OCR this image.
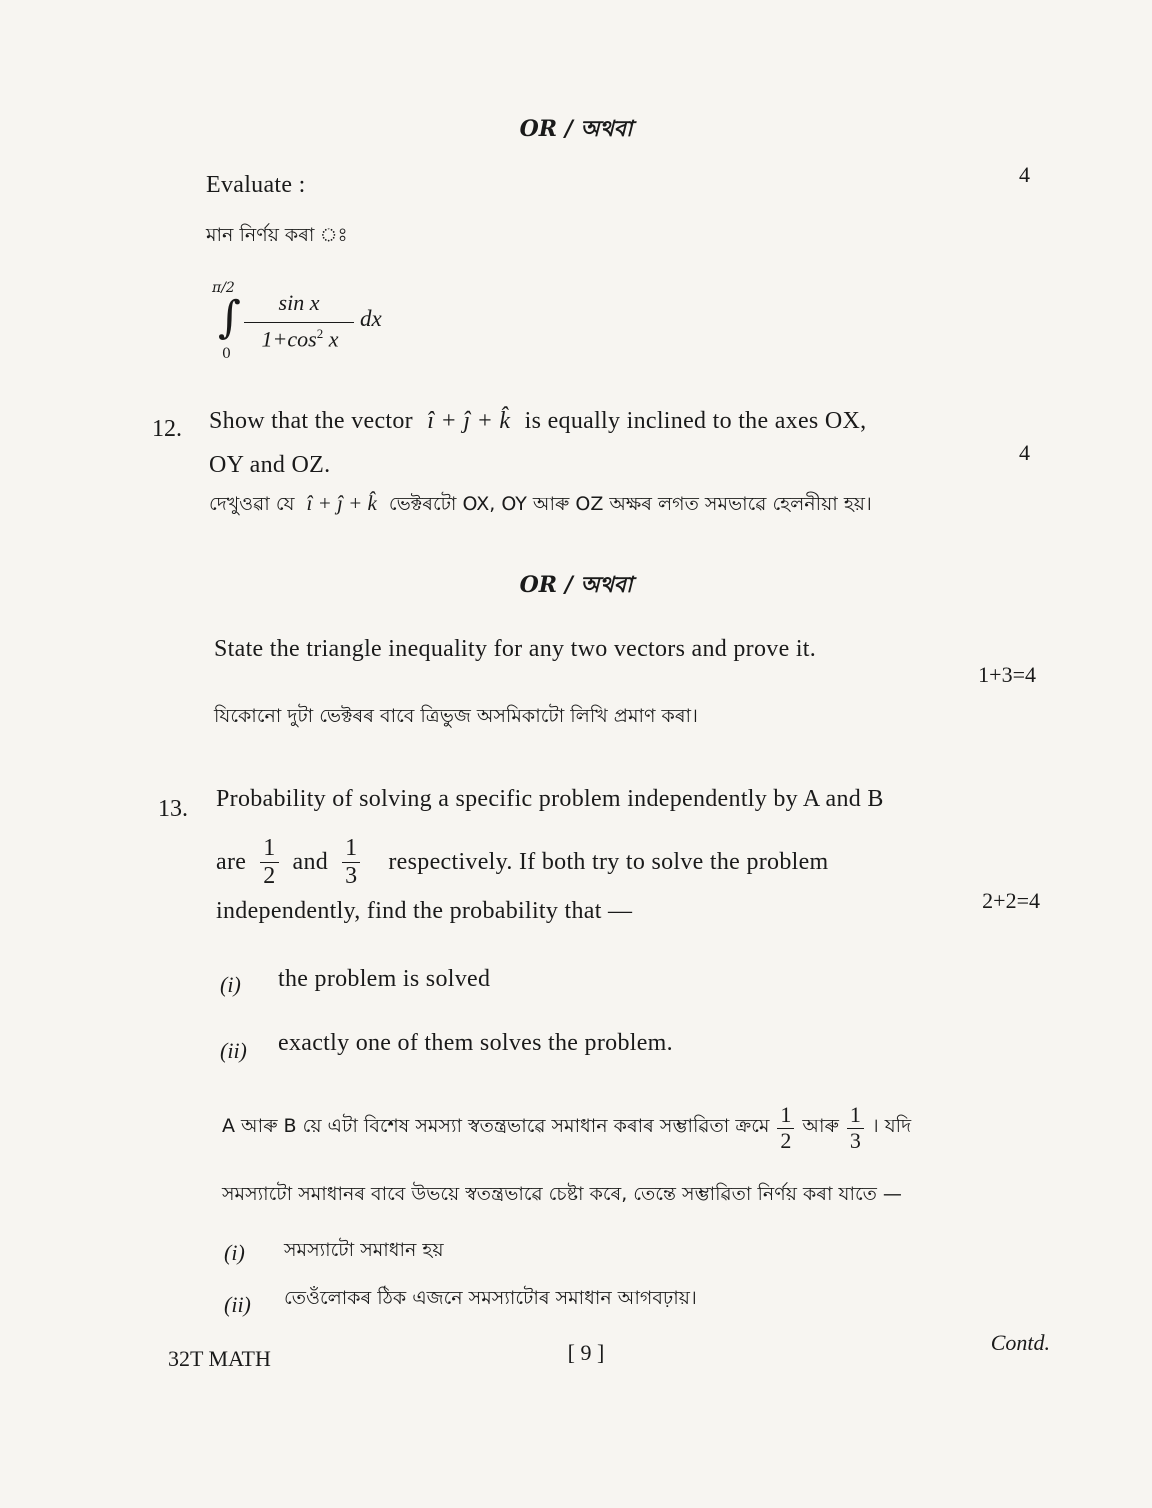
OR / অথবা
Evaluate :	4
মান নিৰ্ণয় কৰা ঃ
π/2
∫
0
sin x
$1+\cos^2$ x
dx
12. Show that the vector î + ĵ + k̂ is equally inclined to the axes OX,
OY and OZ.	4
দেখুওৱা যে î + ĵ + k̂ ভেক্টৰটো OX, OY আৰু OZ অক্ষৰ লগত সমভাৱে হেলনীয়া হয়।
OR / অথবা
State the triangle inequality for any two vectors and prove it.
1+3=4
যিকোনো দুটা ভেক্টৰৰ বাবে ত্ৰিভুজ অসমিকাটো লিখি প্ৰমাণ কৰা।
13. Probability of solving a specific problem independently by A and B
are $\frac{1}{2}$ and $\frac{1}{3}$ respectively. If both try to solve the problem
independently, find the probability that —	2+2=4
(i) the problem is solved
(ii) exactly one of them solves the problem.
A আৰু B য়ে এটা বিশেষ সমস্যা স্বতন্ত্ৰভাৱে সমাধান কৰাৰ সম্ভাৱিতা ক্ৰমে $\frac{1}{2}$ আৰু $\frac{1}{3}$ । যদি
সমস্যাটো সমাধানৰ বাবে উভয়ে স্বতন্ত্ৰভাৱে চেষ্টা কৰে, তেন্তে সম্ভাৱিতা নিৰ্ণয় কৰা যাতে —
(i) সমস্যাটো সমাধান হয়
(ii) তেওঁলোকৰ ঠিক এজনে সমস্যাটোৰ সমাধান আগবঢ়ায়।
32T MATH	[ 9 ]	Contd.
